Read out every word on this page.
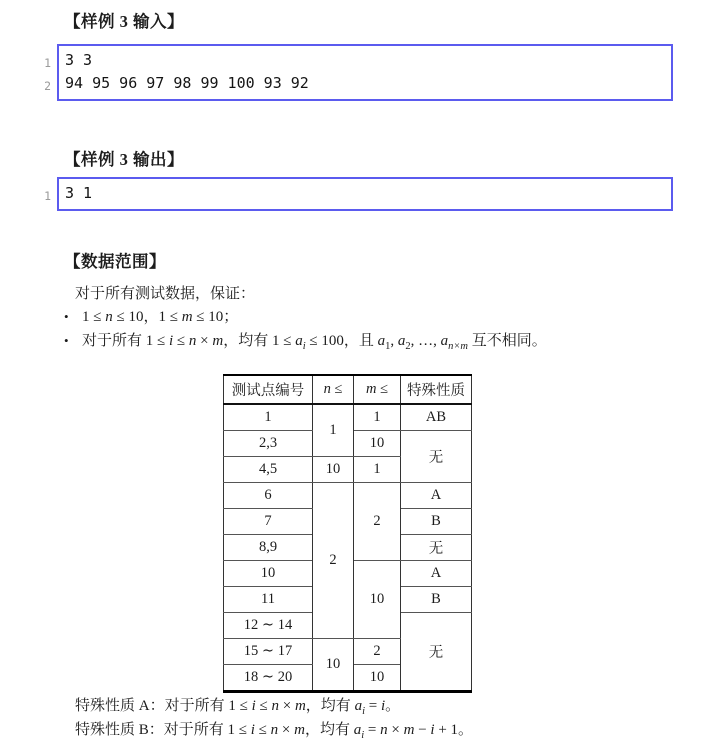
【样例 3 输入】
1
2
3 3
94 95 96 97 98 99 100 93 92
【样例 3 输出】
1 3 1
【数据范围】
对于所有测试数据，保证：
• 1 ≤ n ≤ 10，1 ≤ m ≤ 10；
• 对于所有 1 ≤ i ≤ n × m，均有 $1 \le a_i \le 100$，且 $a_1$, $a_2$, …, $a_{n\times m}$ 互不相同。
测试点编号	n ≤	m ≤	特殊性质
1	1	1	AB
2,3		10	无
4,5	10	1	
6	2	2	A
7			B
8,9			无
10		10	A
11			B
12 ∼ 14			无
15 ∼ 17	10	2	
18 ∼ 20		10	
特殊性质 A：对于所有 1 ≤ i ≤ n × m，均有 $a_i = i$。
特殊性质 B：对于所有 1 ≤ i ≤ n × m，均有 $a_i = n \times m - i + 1$。
